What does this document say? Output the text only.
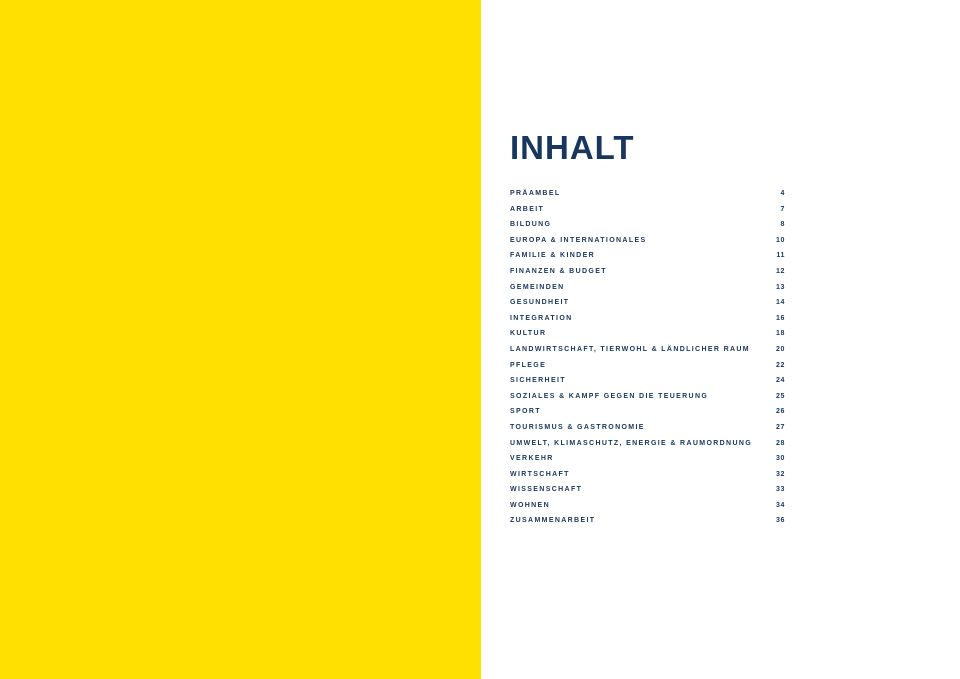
INHALT
PRÄAMBEL	4
ARBEIT	7
BILDUNG	8
EUROPA & INTERNATIONALES	10
FAMILIE & KINDER	11
FINANZEN & BUDGET	12
GEMEINDEN	13
GESUNDHEIT	14
INTEGRATION	16
KULTUR	18
LANDWIRTSCHAFT, TIERWOHL & LÄNDLICHER RAUM	20
PFLEGE	22
SICHERHEIT	24
SOZIALES & KAMPF GEGEN DIE TEUERUNG	25
SPORT	26
TOURISMUS & GASTRONOMIE	27
UMWELT, KLIMASCHUTZ, ENERGIE & RAUMORDNUNG	28
VERKEHR	30
WIRTSCHAFT	32
WISSENSCHAFT	33
WOHNEN	34
ZUSAMMENARBEIT	36
